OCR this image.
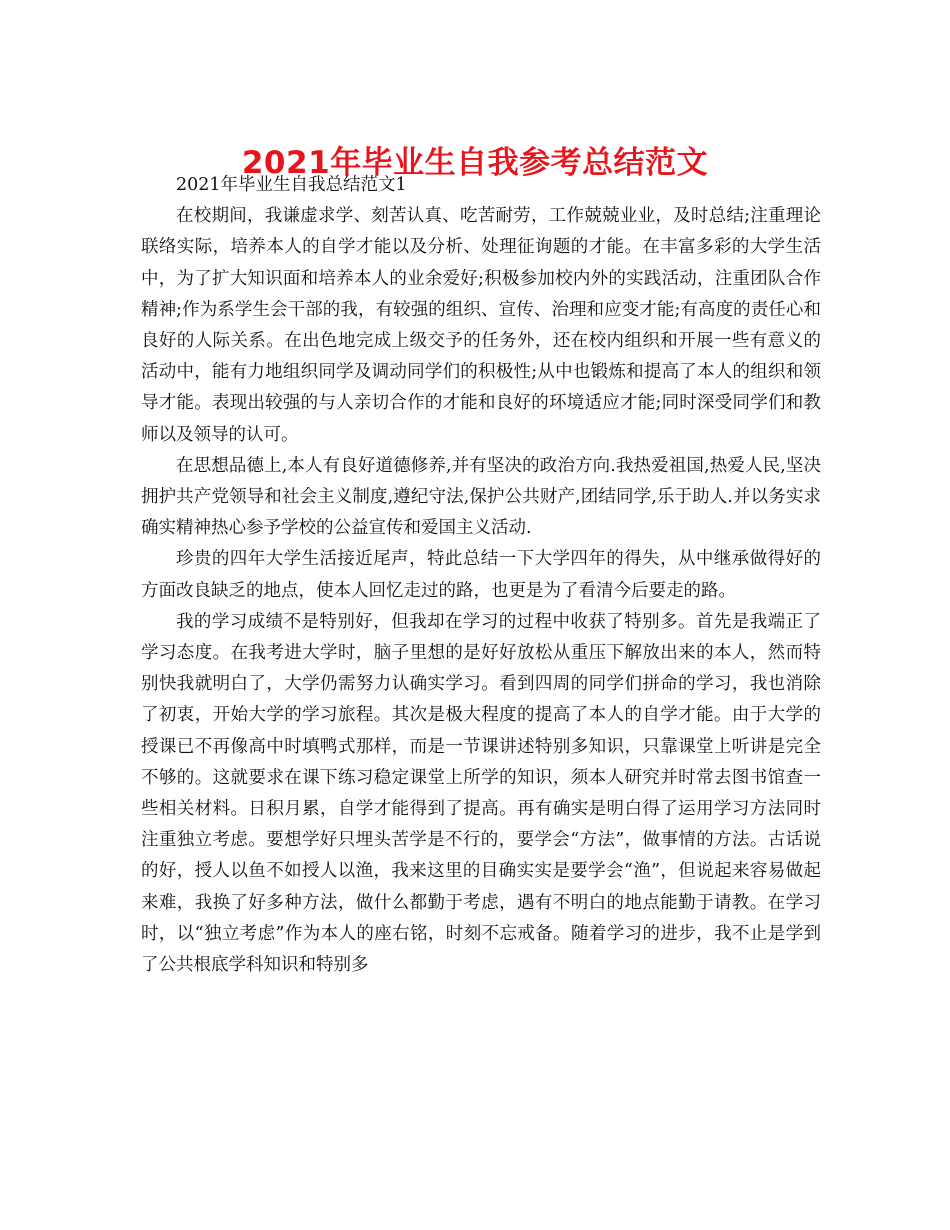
2021年毕业生自我参考总结范文

2021年毕业生自我总结范文1

在校期间，我谦虚求学、刻苦认真、吃苦耐劳，工作兢兢业业，及时总结;注重理论联络实际，培养本人的自学才能以及分析、处理征询题的才能。在丰富多彩的大学生活中，为了扩大知识面和培养本人的业余爱好;积极参加校内外的实践活动，注重团队合作精神;作为系学生会干部的我，有较强的组织、宣传、治理和应变才能;有高度的责任心和良好的人际关系。在出色地完成上级交予的任务外，还在校内组织和开展一些有意义的活动中，能有力地组织同学及调动同学们的积极性;从中也锻炼和提高了本人的组织和领导才能。表现出较强的与人亲切合作的才能和良好的环境适应才能;同时深受同学们和教师以及领导的认可。

在思想品德上,本人有良好道德修养,并有坚决的政治方向.我热爱祖国,热爱人民,坚决拥护共产党领导和社会主义制度,遵纪守法,保护公共财产,团结同学,乐于助人.并以务实求确实精神热心参予学校的公益宣传和爱国主义活动.

珍贵的四年大学生活接近尾声，特此总结一下大学四年的得失，从中继承做得好的方面改良缺乏的地点，使本人回忆走过的路，也更是为了看清今后要走的路。

我的学习成绩不是特别好，但我却在学习的过程中收获了特别多。首先是我端正了学习态度。在我考进大学时，脑子里想的是好好放松从重压下解放出来的本人，然而特别快我就明白了，大学仍需努力认确实学习。看到四周的同学们拼命的学习，我也消除了初衷，开始大学的学习旅程。其次是极大程度的提高了本人的自学才能。由于大学的授课已不再像高中时填鸭式那样，而是一节课讲述特别多知识，只靠课堂上听讲是完全不够的。这就要求在课下练习稳定课堂上所学的知识，须本人研究并时常去图书馆查一些相关材料。日积月累，自学才能得到了提高。再有确实是明白得了运用学习方法同时注重独立考虑。要想学好只埋头苦学是不行的，要学会“方法”，做事情的方法。古话说的好，授人以鱼不如授人以渔，我来这里的目确实实是要学会“渔”，但说起来容易做起来难，我换了好多种方法，做什么都勤于考虑，遇有不明白的地点能勤于请教。在学习时，以“独立考虑”作为本人的座右铭，时刻不忘戒备。随着学习的进步，我不止是学到了公共根底学科知识和特别多
